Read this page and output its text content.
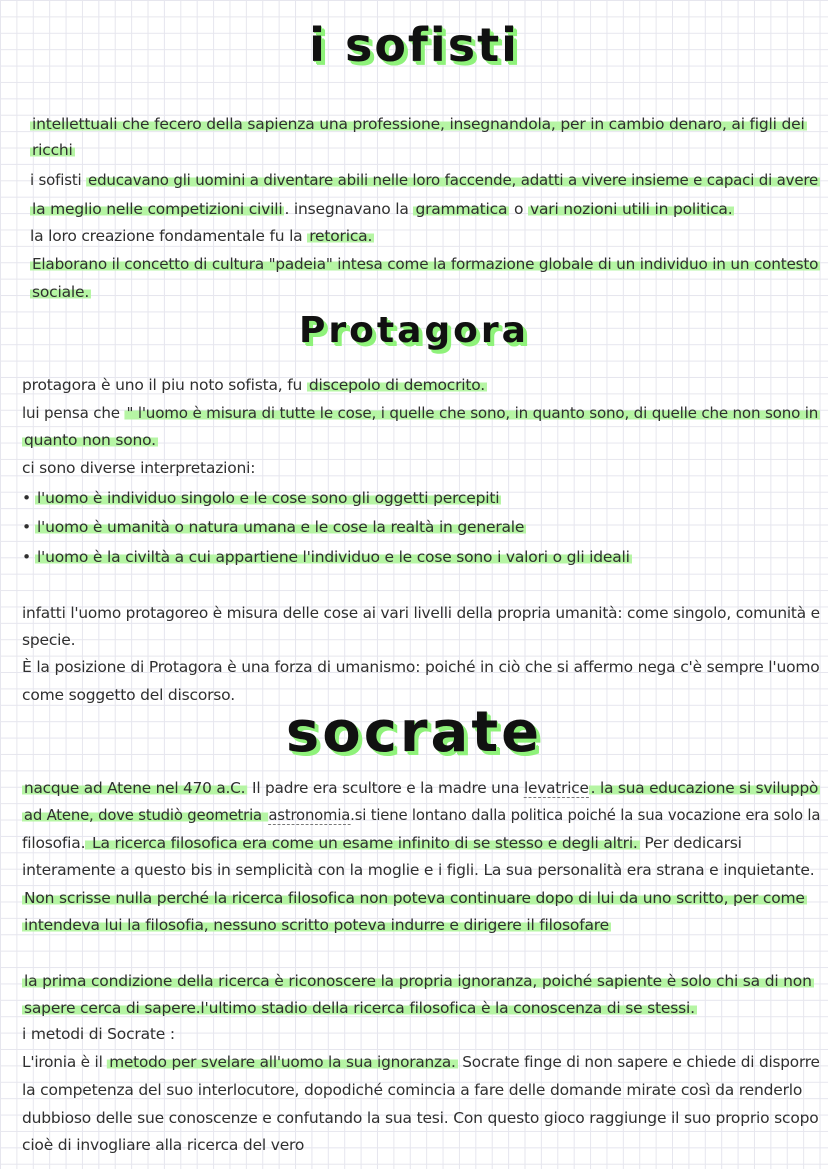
i sofisti
Protagora
socrate
intellettuali che fecero della sapienza una professione, insegnandola, per in cambio denaro, ai figli dei
ricchi
i sofisti educavano gli uomini a diventare abili nelle loro faccende, adatti a vivere insieme e capaci di avere
la meglio nelle competizioni civili . insegnavano la grammatica o vari nozioni utili in politica.
la loro creazione fondamentale fu la retorica.
Elaborano il concetto di cultura "padeia" intesa come la formazione globale di un individuo in un contesto
sociale.
protagora è uno il piu noto sofista, fu discepolo di democrito.
lui pensa che " l'uomo è misura di tutte le cose, i quelle che sono, in quanto sono, di quelle che non sono in
quanto non sono.
ci sono diverse interpretazioni:
• l'uomo è individuo singolo e le cose sono gli oggetti percepiti
• l'uomo è umanità o natura umana e le cose la realtà in generale
• l'uomo è la civiltà a cui appartiene l'individuo e le cose sono i valori o gli ideali
infatti l'uomo protagoreo è misura delle cose ai vari livelli della propria umanità: come singolo, comunità e
specie.
È la posizione di Protagora è una forza di umanismo: poiché in ciò che si affermo nega c'è sempre l'uomo
come soggetto del discorso.
nacque ad Atene nel 470 a.C. Il padre era scultore e la madre una levatrice . la sua educazione si sviluppò
ad Atene, dove studiò geometria astronomia.si tiene lontano dalla politica poiché la sua vocazione era solo la
filosofia. La ricerca filosofica era come un esame infinito di se stesso e degli altri. Per dedicarsi
interamente a questo bis in semplicità con la moglie e i figli. La sua personalità era strana e inquietante.
Non scrisse nulla perché la ricerca filosofica non poteva continuare dopo di lui da uno scritto, per come
intendeva lui la filosofia, nessuno scritto poteva indurre e dirigere il filosofare
la prima condizione della ricerca è riconoscere la propria ignoranza, poiché sapiente è solo chi sa di non
sapere cerca di sapere.l'ultimo stadio della ricerca filosofica è la conoscenza di se stessi.
i metodi di Socrate :
L'ironia è il metodo per svelare all'uomo la sua ignoranza. Socrate finge di non sapere e chiede di disporre
la competenza del suo interlocutore, dopodiché comincia a fare delle domande mirate così da renderlo
dubbioso delle sue conoscenze e confutando la sua tesi. Con questo gioco raggiunge il suo proprio scopo
cioè di invogliare alla ricerca del vero
